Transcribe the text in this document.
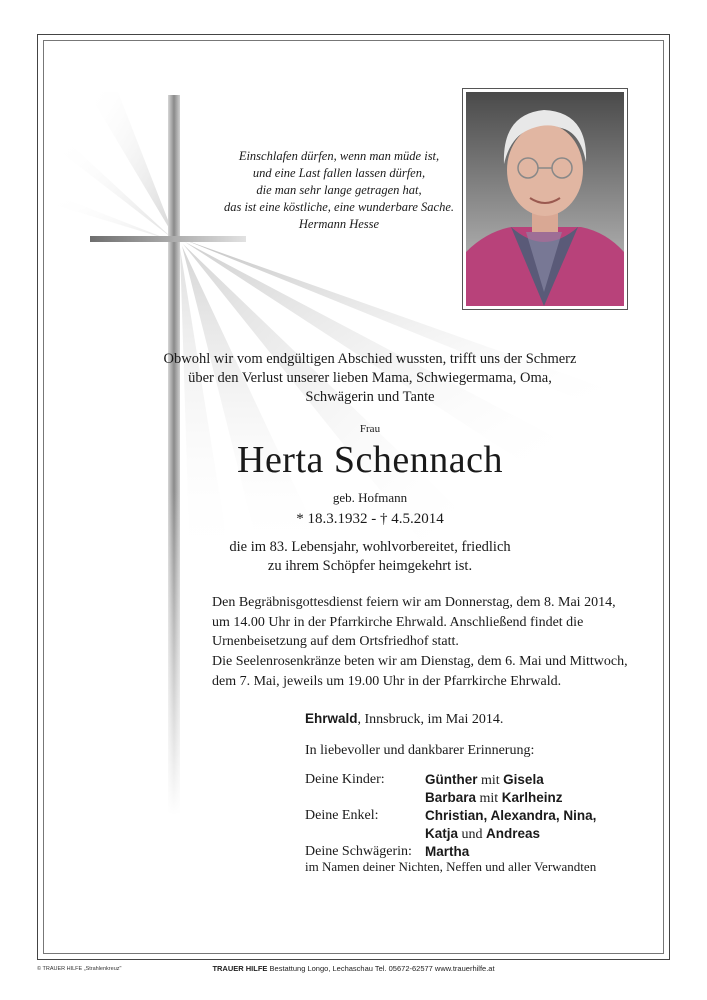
Einschlafen dürfen, wenn man müde ist,
und eine Last fallen lassen dürfen,
die man sehr lange getragen hat,
das ist eine köstliche, eine wunderbare Sache.
Hermann Hesse
Obwohl wir vom endgültigen Abschied wussten, trifft uns der Schmerz
über den Verlust unserer lieben Mama, Schwiegermama, Oma,
Schwägerin und Tante
Frau
Herta Schennach
geb. Hofmann
* 18.3.1932 - † 4.5.2014
die im 83. Lebensjahr, wohlvorbereitet, friedlich
zu ihrem Schöpfer heimgekehrt ist.
Den Begräbnisgottesdienst feiern wir am Donnerstag, dem 8. Mai 2014,
um 14.00 Uhr in der Pfarrkirche Ehrwald. Anschließend findet die
Urnenbeisetzung auf dem Ortsfriedhof statt.
Die Seelenrosenkränze beten wir am Dienstag, dem 6. Mai und Mittwoch,
dem 7. Mai, jeweils um 19.00 Uhr in der Pfarrkirche Ehrwald.
Ehrwald, Innsbruck, im Mai 2014.
In liebevoller und dankbarer Erinnerung:
Deine Kinder:	Günther mit Gisela
Barbara mit Karlheinz
Deine Enkel:	Christian, Alexandra, Nina,
Katja und Andreas
Deine Schwägerin: Martha
im Namen deiner Nichten, Neffen und aller Verwandten
© TRAUER HILFE „Strahlenkreuz"	TRAUER HILFE Bestattung Longo, Lechaschau Tel. 05672-62577 www.trauerhilfe.at
